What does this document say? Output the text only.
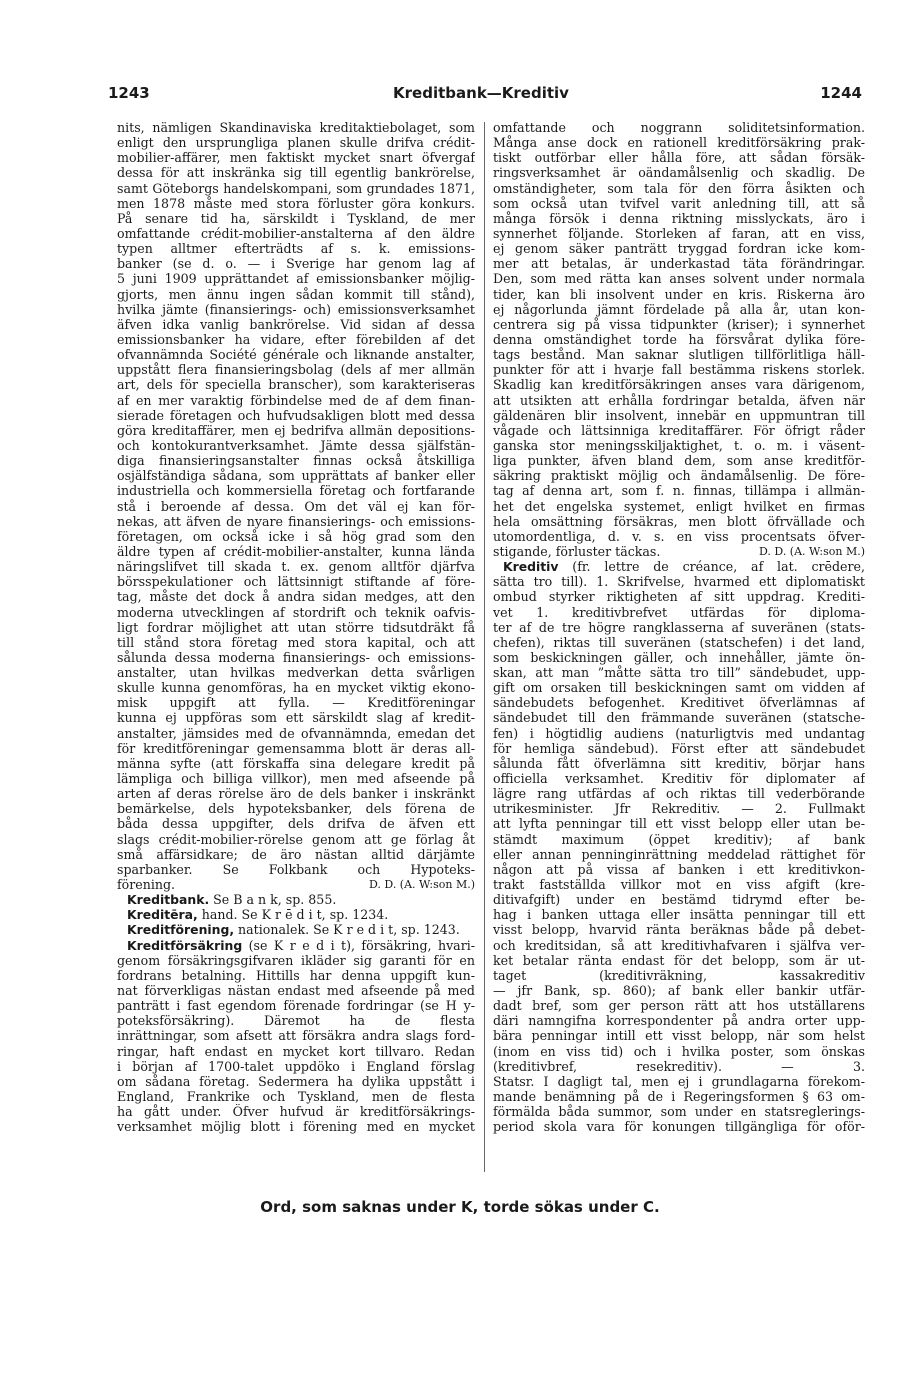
1243	Kreditbank—Kreditiv	1244
nits, nämligen Skandinaviska kreditaktiebolaget, som
enligt den ursprungliga planen skulle drifva crédit-
mobilier-affärer, men faktiskt mycket snart öfvergaf
dessa för att inskränka sig till egentlig bankrörelse,
samt Göteborgs handelskompani, som grundades 1871,
men 1878 måste med stora förluster göra konkurs.
På senare tid ha, särskildt i Tyskland, de mer
omfattande crédit-mobilier-anstalterna af den äldre
typen alltmer efterträdts af s. k. emissions-
banker (se d. o. — i Sverige har genom lag af
5 juni 1909 upprättandet af emissionsbanker möjlig-
gjorts, men ännu ingen sådan kommit till stånd),
hvilka jämte (finansierings- och) emissionsverksamhet
äfven idka vanlig bankrörelse. Vid sidan af dessa
emissionsbanker ha vidare, efter förebilden af det
ofvannämnda Société générale och liknande anstalter,
uppstått flera finansieringsbolag (dels af mer allmän
art, dels för speciella branscher), som karakteriseras
af en mer varaktig förbindelse med de af dem finan-
sierade företagen och hufvudsakligen blott med dessa
göra kreditaffärer, men ej bedrifva allmän depositions-
och kontokurantverksamhet. Jämte dessa själfstän-
diga finansieringsanstalter finnas också åtskilliga
osjälfständiga sådana, som upprättats af banker eller
industriella och kommersiella företag och fortfarande
stå i beroende af dessa. Om det väl ej kan för-
nekas, att äfven de nyare finansierings- och emissions-
företagen, om också icke i så hög grad som den
äldre typen af crédit-mobilier-anstalter, kunna lända
näringslifvet till skada t. ex. genom alltför djärfva
börsspekulationer och lättsinnigt stiftande af före-
tag, måste det dock å andra sidan medges, att den
moderna utvecklingen af stordrift och teknik oafvis-
ligt fordrar möjlighet att utan större tidsutdräkt få
till stånd stora företag med stora kapital, och att
sålunda dessa moderna finansierings- och emissions-
anstalter, utan hvilkas medverkan detta svårligen
skulle kunna genomföras, ha en mycket viktig ekono-
misk uppgift att fylla. — Kreditföreningar
kunna ej uppföras som ett särskildt slag af kredit-
anstalter, jämsides med de ofvannämnda, emedan det
för kreditföreningar gemensamma blott är deras all-
männa syfte (att förskaffa sina delegare kredit på
lämpliga och billiga villkor), men med afseende på
arten af deras rörelse äro de dels banker i inskränkt
bemärkelse, dels hypoteksbanker, dels förena de
båda dessa uppgifter, dels drifva de äfven ett
slags crédit-mobilier-rörelse genom att ge förlag åt
små affärsidkare; de äro nästan alltid därjämte
sparbanker. Se Folkbank och Hypoteks-
förening.	D. D. (A. W:son M.)
Kreditbank. Se B a n k, sp. 855.
Kreditēra, hand. Se K r ē d i t, sp. 1234.
Kreditförening, nationalek. Se K r e d i t, sp. 1243.
Kreditförsäkring (se K r e d i t), försäkring, hvari-
genom försäkringsgifvaren ikläder sig garanti för en
fordrans betalning. Hittills har denna uppgift kun-
nat förverkligas nästan endast med afseende på med
panträtt i fast egendom förenade fordringar (se H y-
poteksförsäkring). Däremot ha de flesta
inrättningar, som afsett att försäkra andra slags ford-
ringar, haft endast en mycket kort tillvaro. Redan
i början af 1700-talet uppdöko i England förslag
om sådana företag. Sedermera ha dylika uppstått i
England, Frankrike och Tyskland, men de flesta
ha gått under. Öfver hufvud är kreditförsäkrings-
verksamhet möjlig blott i förening med en mycket
omfattande och noggrann soliditetsinformation.
Många anse dock en rationell kreditförsäkring prak-
tiskt outförbar eller hålla före, att sådan försäk-
ringsverksamhet är oändamålsenlig och skadlig. De
omständigheter, som tala för den förra åsikten och
som också utan tvifvel varit anledning till, att så
många försök i denna riktning misslyckats, äro i
synnerhet följande. Storleken af faran, att en viss,
ej genom säker panträtt tryggad fordran icke kom-
mer att betalas, är underkastad täta förändringar.
Den, som med rätta kan anses solvent under normala
tider, kan bli insolvent under en kris. Riskerna äro
ej någorlunda jämnt fördelade på alla år, utan kon-
centrera sig på vissa tidpunkter (kriser); i synnerhet
denna omständighet torde ha försvårat dylika före-
tags bestånd. Man saknar slutligen tillförlitliga häll-
punkter för att i hvarje fall bestämma riskens storlek.
Skadlig kan kreditförsäkringen anses vara därigenom,
att utsikten att erhålla fordringar betalda, äfven när
gäldenären blir insolvent, innebär en uppmuntran till
vågade och lättsinniga kreditaffärer. För öfrigt råder
ganska stor meningsskiljaktighet, t. o. m. i väsent-
liga punkter, äfven bland dem, som anse kreditför-
säkring praktiskt möjlig och ändamålsenlig. De före-
tag af denna art, som f. n. finnas, tillämpa i allmän-
het det engelska systemet, enligt hvilket en firmas
hela omsättning försäkras, men blott öfrvällade och
utomordentliga, d. v. s. en viss procentsats öfver-
stigande, förluster täckas.	D. D. (A. W:son M.)
Kreditiv (fr. lettre de créance, af lat. crēdere,
sätta tro till). 1. Skrifvelse, hvarmed ett diplomatiskt
ombud styrker riktigheten af sitt uppdrag. Krediti-
vet 1. kreditivbrefvet utfärdas för diploma-
ter af de tre högre rangklasserna af suveränen (stats-
chefen), riktas till suveränen (statschefen) i det land,
som beskickningen gäller, och innehåller, jämte ön-
skan, att man ”måtte sätta tro till” sändebudet, upp-
gift om orsaken till beskickningen samt om vidden af
sändebudets befogenhet. Kreditivet öfverlämnas af
sändebudet till den främmande suveränen (statsche-
fen) i högtidlig audiens (naturligtvis med undantag
för hemliga sändebud). Först efter att sändebudet
sålunda fått öfverlämna sitt kreditiv, börjar hans
officiella verksamhet. Kreditiv för diplomater af
lägre rang utfärdas af och riktas till vederbörande
utrikesminister. Jfr Rekreditiv. — 2. Fullmakt
att lyfta penningar till ett visst belopp eller utan be-
stämdt maximum (öppet kreditiv); af bank
eller annan penninginrättning meddelad rättighet för
någon att på vissa af banken i ett kreditivkon-
trakt fastställda villkor mot en viss afgift (kre-
ditivafgift) under en bestämd tidrymd efter be-
hag i banken uttaga eller insätta penningar till ett
visst belopp, hvarvid ränta beräknas både på debet-
och kreditsidan, så att kreditivhafvaren i själfva ver-
ket betalar ränta endast för det belopp, som är ut-
taget (kreditivräkning, kassakreditiv
— jfr Bank, sp. 860); af bank eller bankir utfär-
dadt bref, som ger person rätt att hos utställarens
däri namngifna korrespondenter på andra orter upp-
bära penningar intill ett visst belopp, när som helst
(inom en viss tid) och i hvilka poster, som önskas
(kreditivbref, resekreditiv). — 3.
Statsr. I dagligt tal, men ej i grundlagarna förekom-
mande benämning på de i Regeringsformen § 63 om-
förmälda båda summor, som under en statsreglerings-
period skola vara för konungen tillgängliga för oför-
Ord, som saknas under K, torde sökas under C.
